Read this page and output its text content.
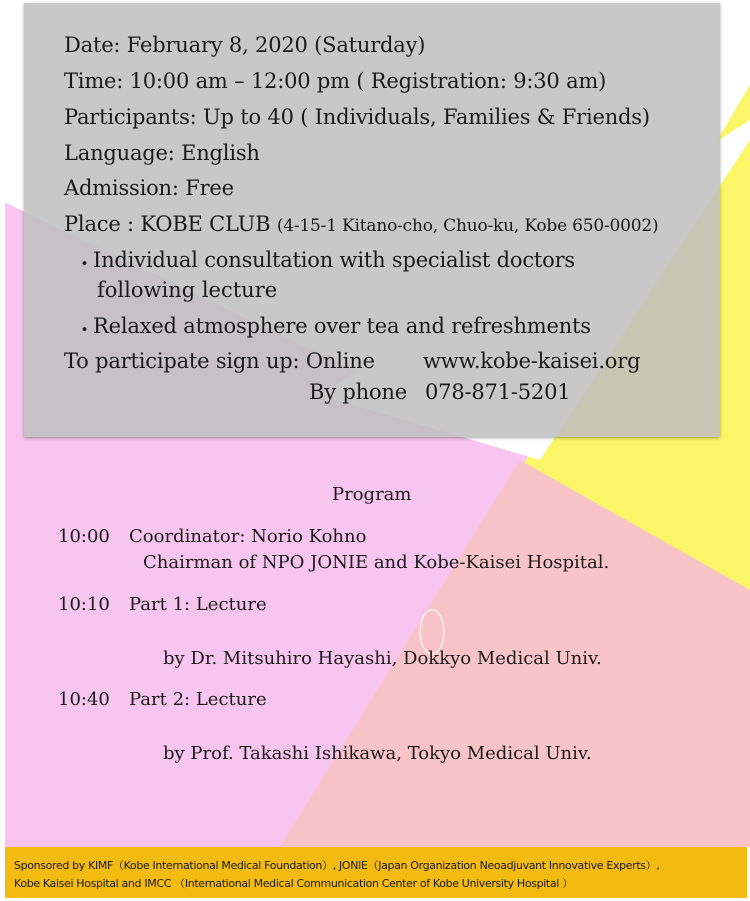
Date: February 8, 2020 (Saturday)
Time: 10:00 am – 12:00 pm ( Registration: 9:30 am)
Participants: Up to 40 ( Individuals, Families & Friends)
Language: English
Admission: Free
Place : KOBE CLUB (4-15-1 Kitano-cho, Chuo-ku, Kobe 650-0002)
・
Individual consultation with specialist doctors
following lecture
・
Relaxed atmosphere over tea and refreshments
To participate sign up: Online www.kobe-kaisei.org
By phone 078-871-5201
Program
10:00 Coordinator: Norio Kohno
Chairman of NPO JONIE and Kobe-Kaisei Hospital.
10:10 Part 1: Lecture
by Dr. Mitsuhiro Hayashi, Dokkyo Medical Univ.
10:40 Part 2: Lecture
by Prof. Takashi Ishikawa, Tokyo Medical Univ.
Sponsored by KIMF（Kobe International Medical Foundation）, JONIE（Japan Organization Neoadjuvant Innovative Experts）,
Kobe Kaisei Hospital and IMCC （International Medical Communication Center of Kobe University Hospital ）
